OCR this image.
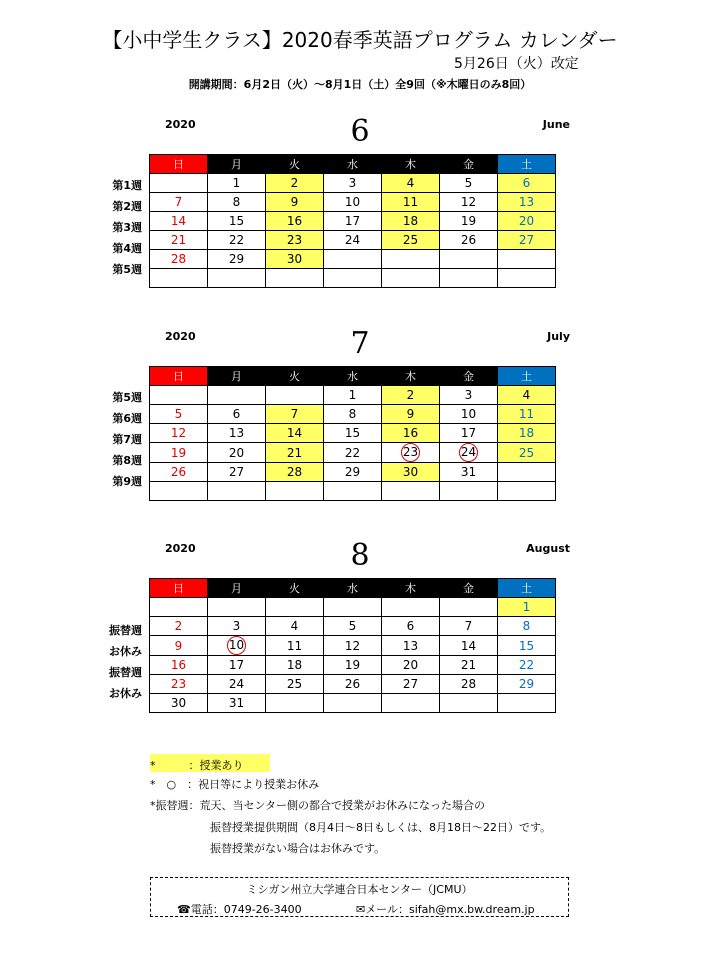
【小中学生クラス】2020春季英語プログラム カレンダー
5月26日（火）改定
開講期間：6月2日（火）～8月1日（土）全9回（※木曜日のみ8回）
2020	6	June
第1週
第2週
第3週
第4週
第5週
日	月	火	水	木	金	土
	1	2	3	4	5	6
7	8	9	10	11	12	13
14	15	16	17	18	19	20
21	22	23	24	25	26	27
28	29	30				

2020	7	July
第5週
第6週
第7週
第8週
第9週
日	月	火	水	木	金	土
			1	2	3	4
5	6	7	8	9	10	11
12	13	14	15	16	17	18
19	20	21	22	23	24	25
26	27	28	29	30	31	

2020	8	August
振替週
お休み
振替週
お休み
日	月	火	水	木	金	土
						1
2	3	4	5	6	7	8
9	10	11	12	13	14	15
16	17	18	19	20	21	22
23	24	25	26	27	28	29
30	31					
*　　　：授業あり
*　○　：祝日等により授業お休み
*振替週：荒天、当センター側の都合で授業がお休みになった場合の
振替授業提供期間（8月4日～8日もしくは、8月18日～22日）です。
振替授業がない場合はお休みです。
ミシガン州立大学連合日本センター（JCMU）
☎電話：0749-26-3400	✉メール：sifah@mx.bw.dream.jp
